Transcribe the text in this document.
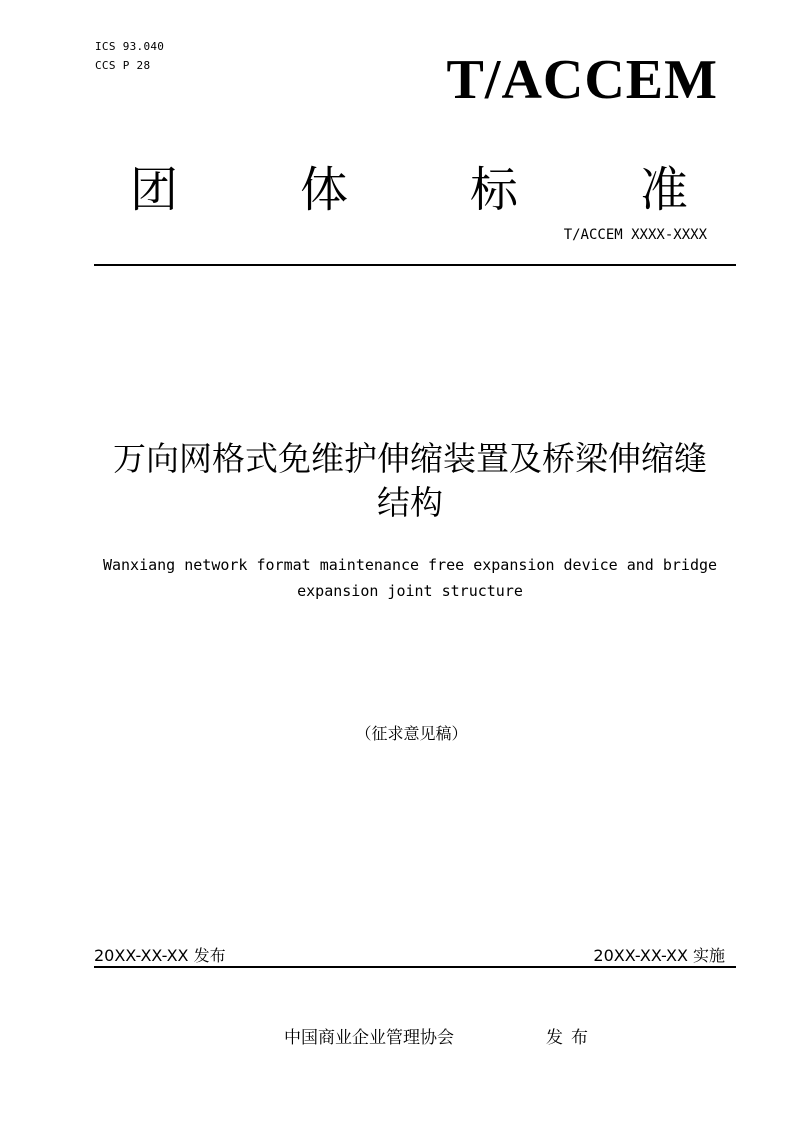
ICS 93.040
CCS P 28	T/ACCEM
团	体	标	准
T/ACCEM XXXX-XXXX
万向网格式免维护伸缩装置及桥梁伸缩缝
结构
Wanxiang network format maintenance free expansion device and bridge
expansion joint structure
（征求意见稿）
20XX-XX-XX 发布	20XX-XX-XX 实施
中国商业企业管理协会	发布
